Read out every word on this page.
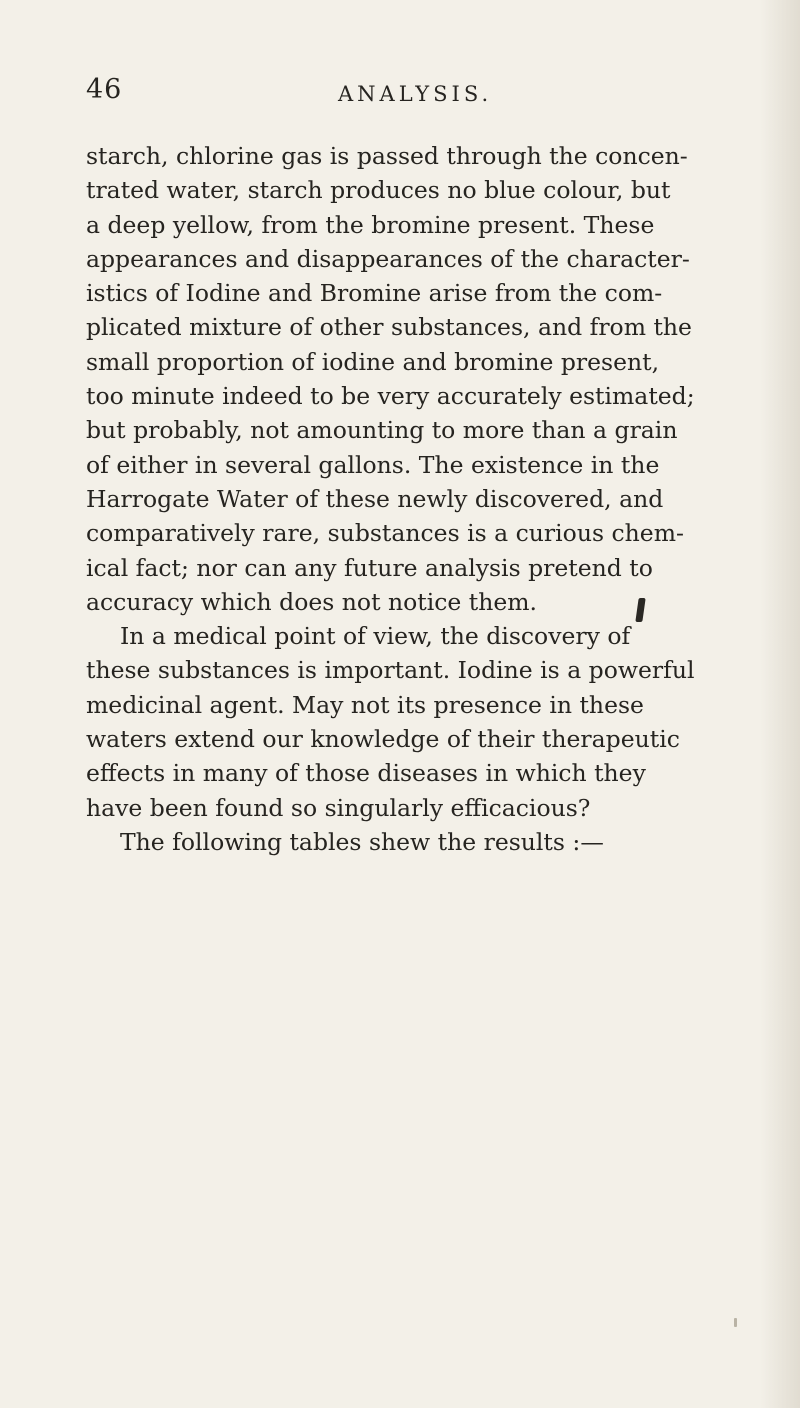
46	ANALYSIS.
starch, chlorine gas is passed through the concen-
trated water, starch produces no blue colour, but
a deep yellow, from the bromine present. These
appearances and disappearances of the character-
istics of Iodine and Bromine arise from the com-
plicated mixture of other substances, and from the
small proportion of iodine and bromine present,
too minute indeed to be very accurately estimated;
but probably, not amounting to more than a grain
of either in several gallons. The existence in the
Harrogate Water of these newly discovered, and
comparatively rare, substances is a curious chem-
ical fact; nor can any future analysis pretend to
accuracy which does not notice them.
In a medical point of view, the discovery of
these substances is important. Iodine is a powerful
medicinal agent. May not its presence in these
waters extend our knowledge of their therapeutic
effects in many of those diseases in which they
have been found so singularly efficacious?
The following tables shew the results :—
